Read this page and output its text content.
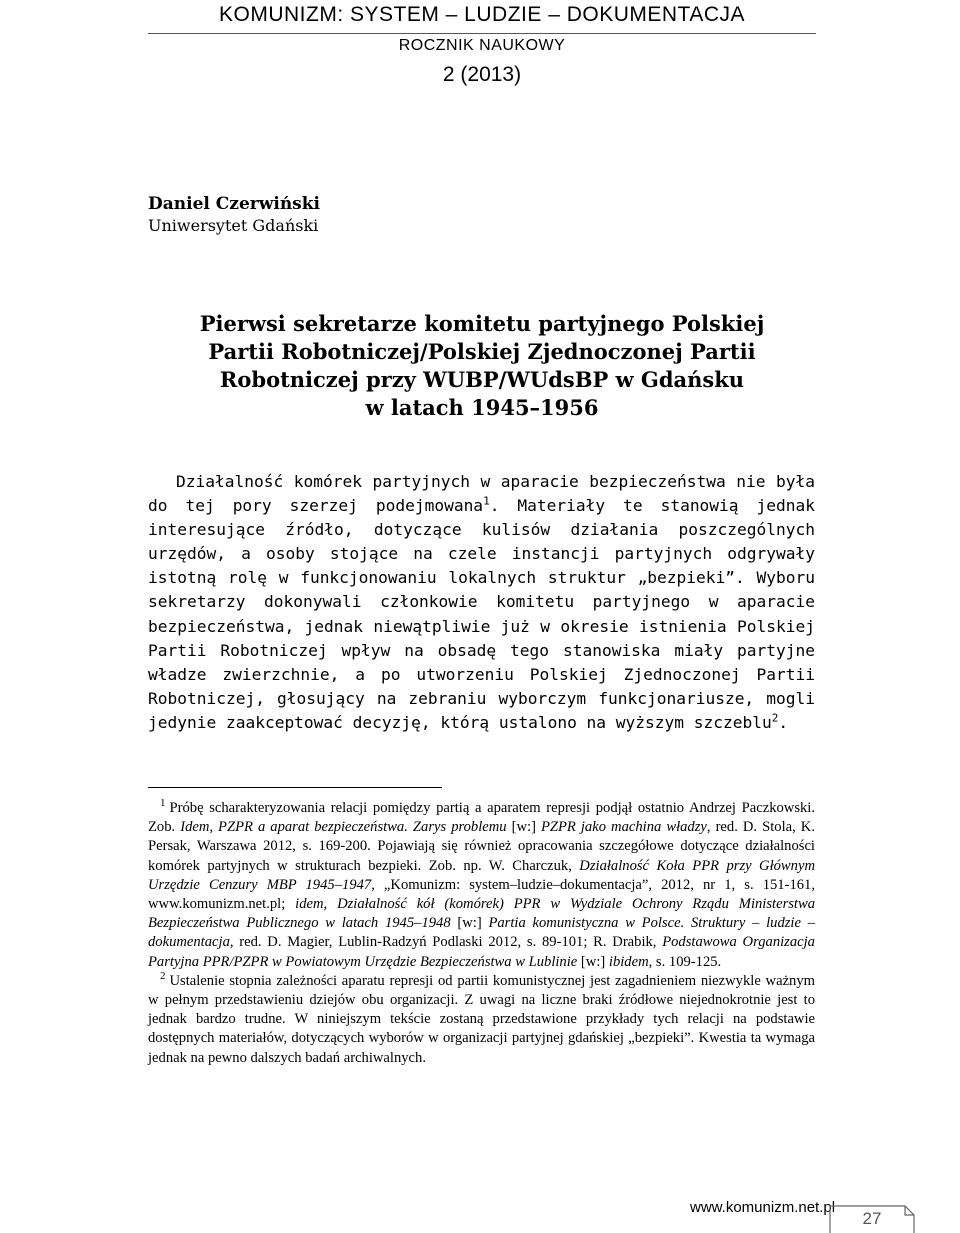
KOMUNIZM: SYSTEM – LUDZIE – DOKUMENTACJA
ROCZNIK NAUKOWY
2 (2013)
Daniel Czerwiński
Uniwersytet Gdański
Pierwsi sekretarze komitetu partyjnego Polskiej
Partii Robotniczej/Polskiej Zjednoczonej Partii
Robotniczej przy WUBP/WUdsBP w Gdańsku
w latach 1945–1956

Działalność komórek partyjnych w aparacie bezpieczeństwa nie była do tej pory szerzej podejmowana$^1$. Materiały te stanowią jednak interesujące źródło, dotyczące kulisów działania poszczególnych urzędów, a osoby stojące na czele instancji partyjnych odgrywały istotną rolę w funkcjonowaniu lokalnych struktur „bezpieki”. Wyboru sekretarzy dokonywali członkowie komitetu partyjnego w aparacie bezpieczeństwa, jednak niewątpliwie już w okresie istnienia Polskiej Partii Robotniczej wpływ na obsadę tego stanowiska miały partyjne władze zwierzchnie, a po utworzeniu Polskiej Zjednoczonej Partii Robotniczej, głosujący na zebraniu wyborczym funkcjonariusze, mogli jedynie zaakceptować decyzję, którą ustalono na wyższym szczeblu$^2$.

$^1$ Próbę scharakteryzowania relacji pomiędzy partią a aparatem represji podjął ostatnio Andrzej Paczkowski. Zob. Idem, PZPR a aparat bezpieczeństwa. Zarys problemu [w:] PZPR jako machina władzy, red. D. Stola, K. Persak, Warszawa 2012, s. 169-200. Pojawiają się również opracowania szczegółowe dotyczące działalności komórek partyjnych w strukturach bezpieki. Zob. np. W. Charczuk, Działalność Koła PPR przy Głównym Urzędzie Cenzury MBP 1945–1947, „Komunizm: system–ludzie–dokumentacja”, 2012, nr 1, s. 151-161, www.komunizm.net.pl; idem, Działalność kół (komórek) PPR w Wydziale Ochrony Rządu Ministerstwa Bezpieczeństwa Publicznego w latach 1945–1948 [w:] Partia komunistyczna w Polsce. Struktury – ludzie – dokumentacja, red. D. Magier, Lublin-Radzyń Podlaski 2012, s. 89-101; R. Drabik, Podstawowa Organizacja Partyjna PPR/PZPR w Powiatowym Urzędzie Bezpieczeństwa w Lublinie [w:] ibidem, s. 109-125.

$^2$ Ustalenie stopnia zależności aparatu represji od partii komunistycznej jest zagadnieniem niezwykle ważnym w pełnym przedstawieniu dziejów obu organizacji. Z uwagi na liczne braki źródłowe niejednokrotnie jest to jednak bardzo trudne. W niniejszym tekście zostaną przedstawione przykłady tych relacji na podstawie dostępnych materiałów, dotyczących wyborów w organizacji partyjnej gdańskiej „bezpieki”. Kwestia ta wymaga jednak na pewno dalszych badań archiwalnych.

www.komunizm.net.pl
27
